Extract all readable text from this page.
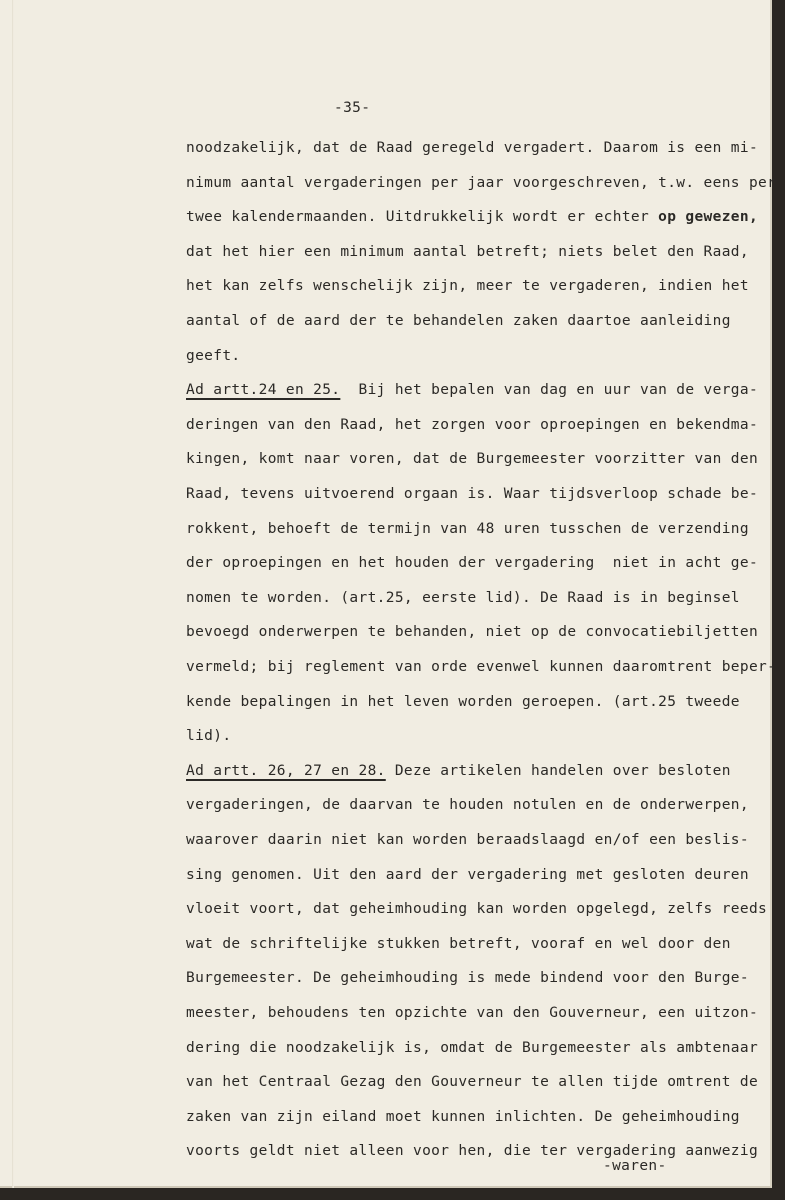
-35-
noodzakelijk, dat de Raad geregeld vergadert. Daarom is een mi-
nimum aantal vergaderingen per jaar voorgeschreven, t.w. eens per
twee kalendermaanden. Uitdrukkelijk wordt er echter op gewezen,
dat het hier een minimum aantal betreft; niets belet den Raad,
het kan zelfs wenschelijk zijn, meer te vergaderen, indien het
aantal of de aard der te behandelen zaken daartoe aanleiding
geeft.
Ad artt.24 en 25.  Bij het bepalen van dag en uur van de verga-
deringen van den Raad, het zorgen voor oproepingen en bekendma-
kingen, komt naar voren, dat de Burgemeester voorzitter van den
Raad, tevens uitvoerend orgaan is. Waar tijdsverloop schade be-
rokkent, behoeft de termijn van 48 uren tusschen de verzending
der oproepingen en het houden der vergadering  niet in acht ge-
nomen te worden. (art.25, eerste lid). De Raad is in beginsel
bevoegd onderwerpen te behanden, niet op de convocatiebiljetten
vermeld; bij reglement van orde evenwel kunnen daaromtrent beper-
kende bepalingen in het leven worden geroepen. (art.25 tweede
lid).
Ad artt. 26, 27 en 28. Deze artikelen handelen over besloten
vergaderingen, de daarvan te houden notulen en de onderwerpen,
waarover daarin niet kan worden beraadslaagd en/of een beslis-
sing genomen. Uit den aard der vergadering met gesloten deuren
vloeit voort, dat geheimhouding kan worden opgelegd, zelfs reeds
wat de schriftelijke stukken betreft, vooraf en wel door den
Burgemeester. De geheimhouding is mede bindend voor den Burge-
meester, behoudens ten opzichte van den Gouverneur, een uitzon-
dering die noodzakelijk is, omdat de Burgemeester als ambtenaar
van het Centraal Gezag den Gouverneur te allen tijde omtrent de
zaken van zijn eiland moet kunnen inlichten. De geheimhouding
voorts geldt niet alleen voor hen, die ter vergadering aanwezig
-waren-
